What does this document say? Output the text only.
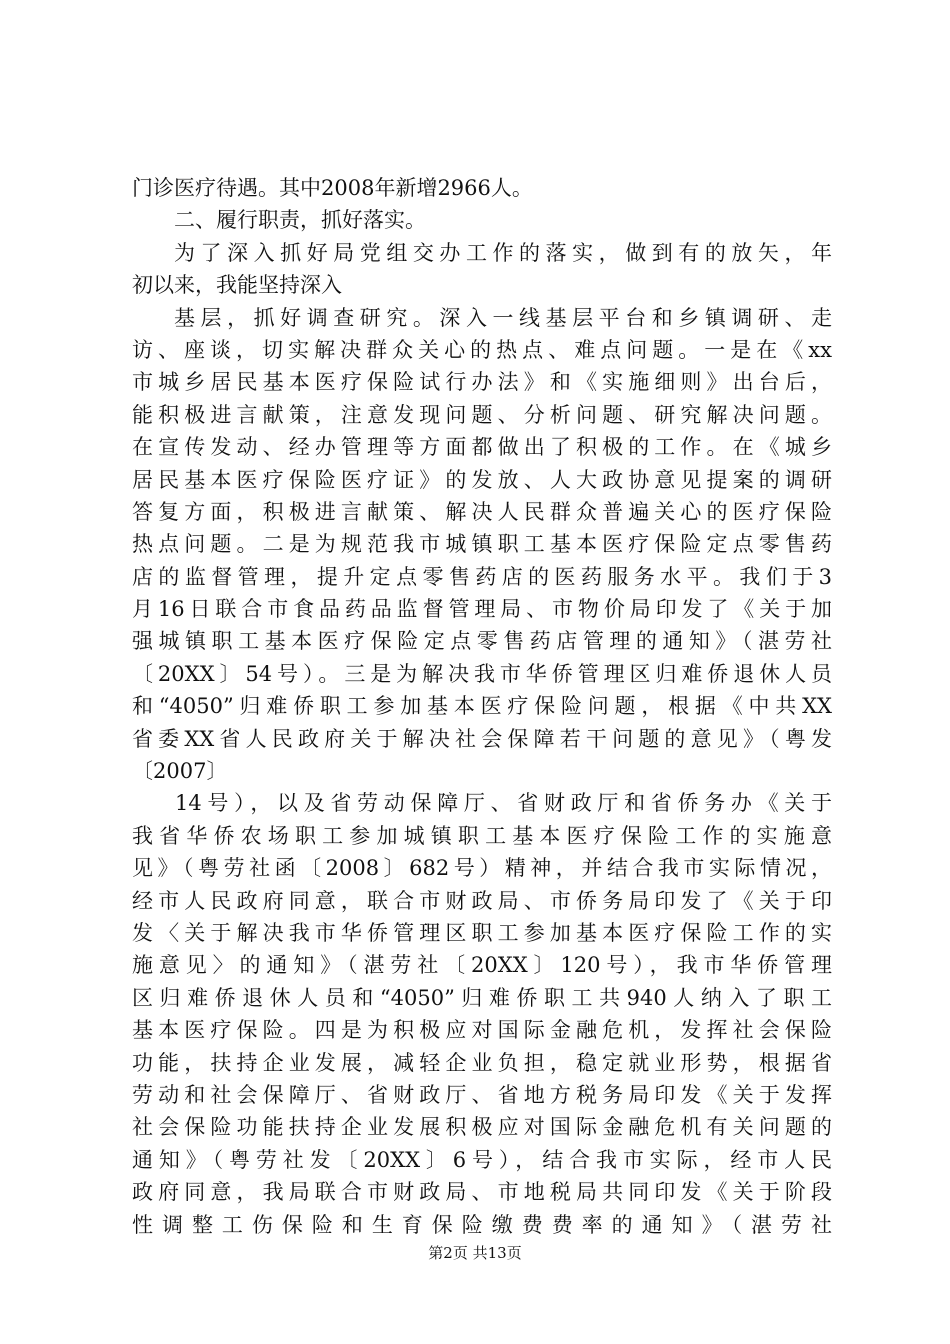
门诊医疗待遇。其中2008年新增2966人。
二、履行职责，抓好落实。
为了深入抓好局党组交办工作的落实，做到有的放矢，年
初以来，我能坚持深入
基层，抓好调查研究。深入一线基层平台和乡镇调研、走
访、座谈，切实解决群众关心的热点、难点问题。一是在《xx
市城乡居民基本医疗保险试行办法》和《实施细则》出台后，
能积极进言献策，注意发现问题、分析问题、研究解决问题。
在宣传发动、经办管理等方面都做出了积极的工作。在《城乡
居民基本医疗保险医疗证》的发放、人大政协意见提案的调研
答复方面，积极进言献策、解决人民群众普遍关心的医疗保险
热点问题。二是为规范我市城镇职工基本医疗保险定点零售药
店的监督管理，提升定点零售药店的医药服务水平。我们于3
月16日联合市食品药品监督管理局、市物价局印发了《关于加
强城镇职工基本医疗保险定点零售药店管理的通知》（湛劳社
〔20XX〕54号）。三是为解决我市华侨管理区归难侨退休人员
和“4050”归难侨职工参加基本医疗保险问题，根据《中共XX
省委XX省人民政府关于解决社会保障若干问题的意见》（粤发
〔2007〕
14号），以及省劳动保障厅、省财政厅和省侨务办《关于
我省华侨农场职工参加城镇职工基本医疗保险工作的实施意
见》（粤劳社函〔2008〕682号）精神，并结合我市实际情况，
经市人民政府同意，联合市财政局、市侨务局印发了《关于印
发〈关于解决我市华侨管理区职工参加基本医疗保险工作的实
施意见〉的通知》（湛劳社〔20XX〕120号），我市华侨管理
区归难侨退休人员和“4050”归难侨职工共940人纳入了职工
基本医疗保险。四是为积极应对国际金融危机，发挥社会保险
功能，扶持企业发展，减轻企业负担，稳定就业形势，根据省
劳动和社会保障厅、省财政厅、省地方税务局印发《关于发挥
社会保险功能扶持企业发展积极应对国际金融危机有关问题的
通知》（粤劳社发〔20XX〕6号），结合我市实际，经市人民
政府同意，我局联合市财政局、市地税局共同印发《关于阶段
性调整工伤保险和生育保险缴费费率的通知》（湛劳社
第2页 共13页
